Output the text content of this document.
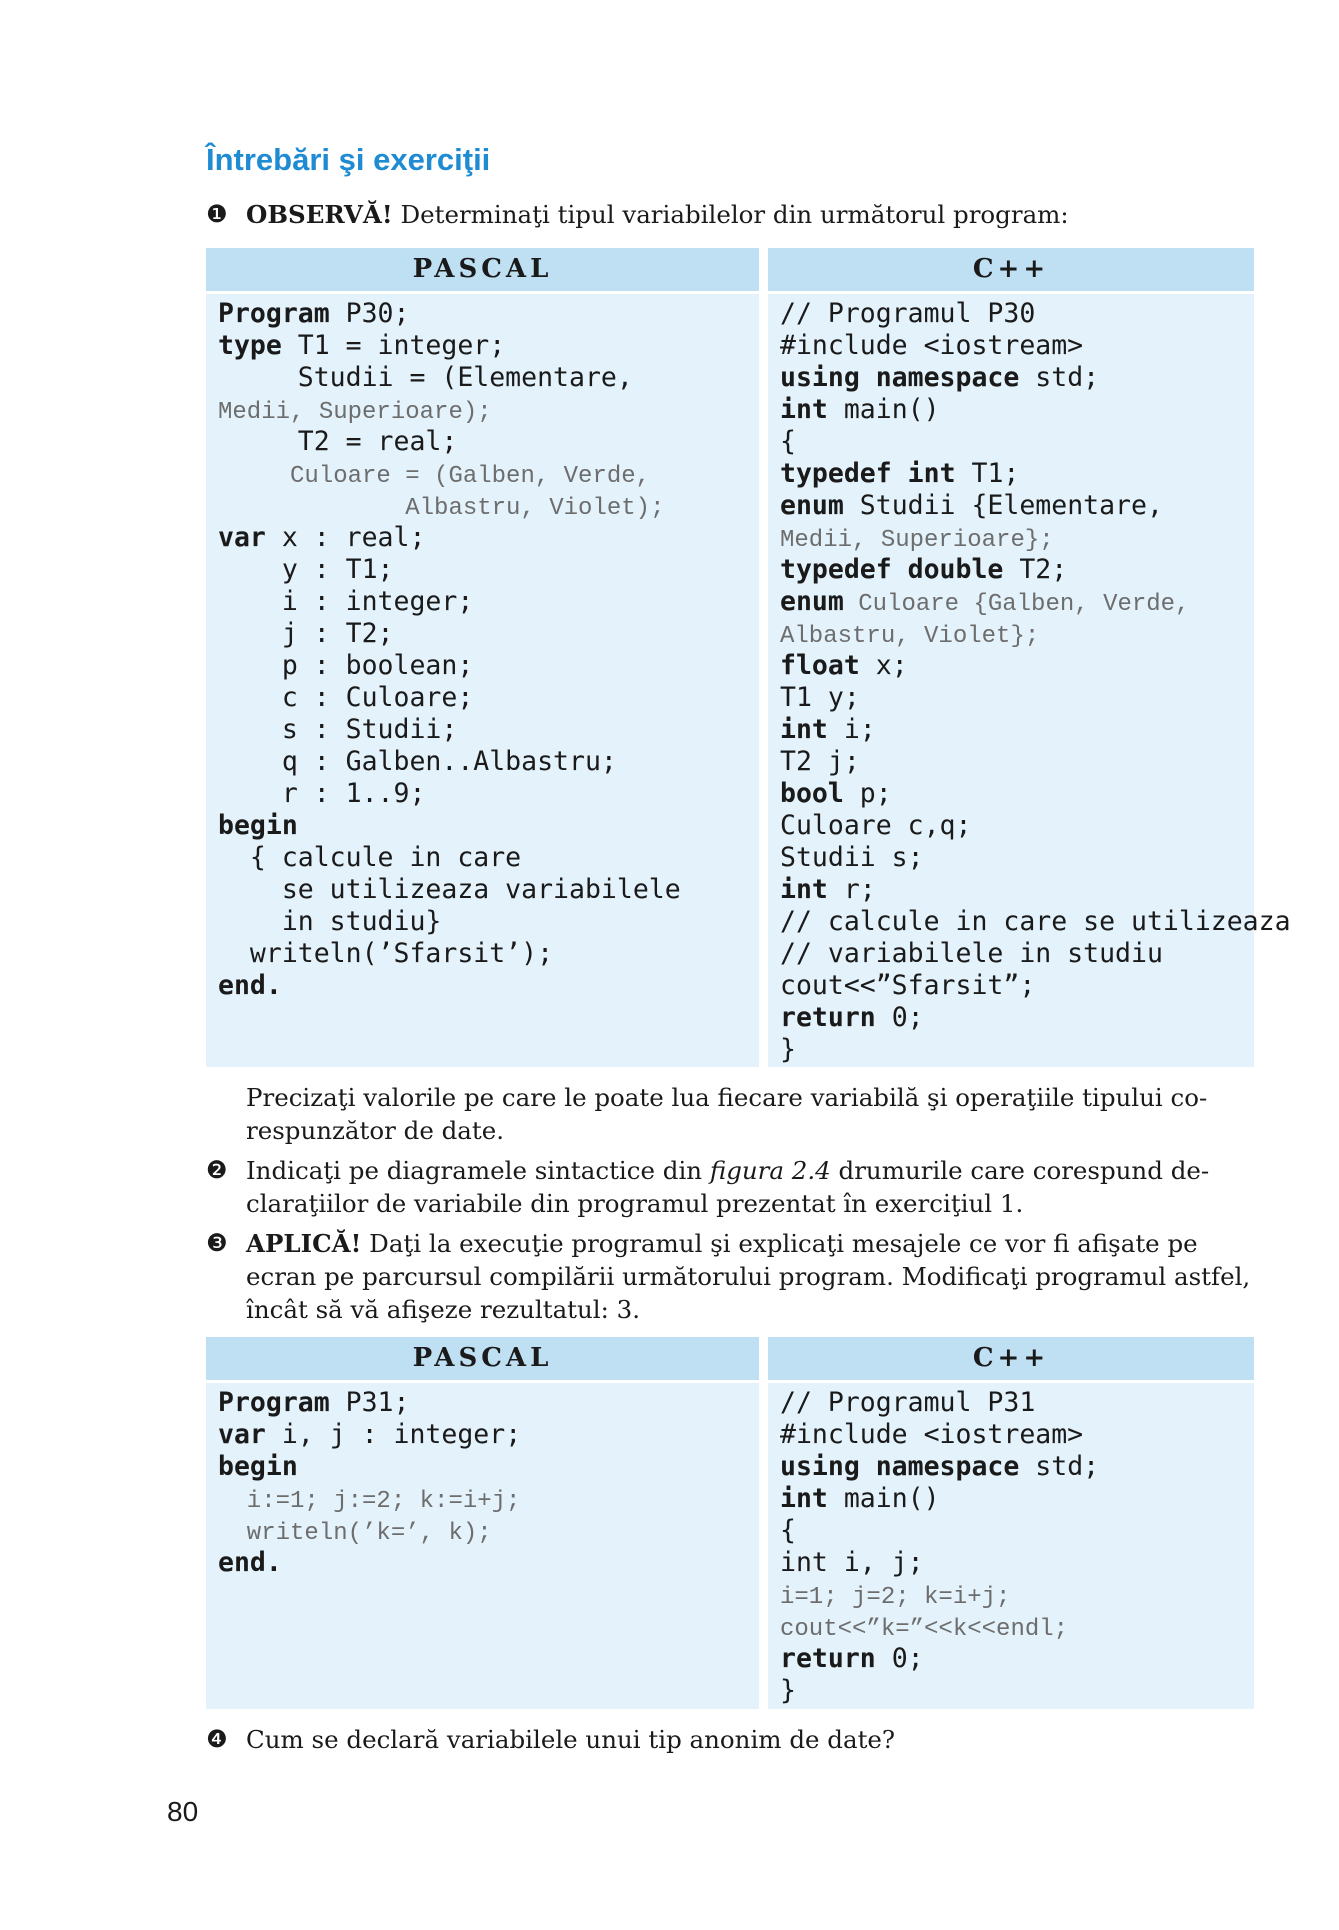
Întrebări şi exerciţii
❶ OBSERVĂ! Determinaţi tipul variabilelor din următorul program:
PASCAL	C++
Program P30;
type T1 = integer;
Studii = (Elementare,
Medii, Superioare);
T2 = real;
Culoare = (Galben, Verde,
Albastru, Violet);
var x : real;
y : T1;
i : integer;
j : T2;
p : boolean;
c : Culoare;
s : Studii;
q : Galben..Albastru;
r : 1..9;
begin
{ calcule in care
se utilizeaza variabilele
in studiu}
writeln(’Sfarsit’);
end.
// Programul P30
#include <iostream>
using namespace std;
int main()
{
typedef int T1;
enum Studii {Elementare,
Medii, Superioare};
typedef double T2;
enum Culoare {Galben, Verde,
Albastru, Violet};
float x;
T1 y;
int i;
T2 j;
bool p;
Culoare c,q;
Studii s;
int r;
// calcule in care se utilizeaza
// variabilele in studiu
cout<<”Sfarsit”;
return 0;
}
Precizaţi valorile pe care le poate lua fiecare variabilă şi operaţiile tipului co-
respunzător de date.
❷ Indicaţi pe diagramele sintactice din figura 2.4 drumurile care corespund de-
claraţiilor de variabile din programul prezentat în exerciţiul 1.
❸ APLICĂ! Daţi la execuţie programul şi explicaţi mesajele ce vor fi afişate pe
ecran pe parcursul compilării următorului program. Modificaţi programul astfel,
încât să vă afişeze rezultatul: 3.
PASCAL	C++
Program P31;
var i, j : integer;
begin
i:=1; j:=2; k:=i+j;
writeln(’k=’, k);
end.
// Programul P31
#include <iostream>
using namespace std;
int main()
{
int i, j;
i=1; j=2; k=i+j;
cout<<”k=”<<k<<endl;
return 0;
}
❹ Cum se declară variabilele unui tip anonim de date?
80
